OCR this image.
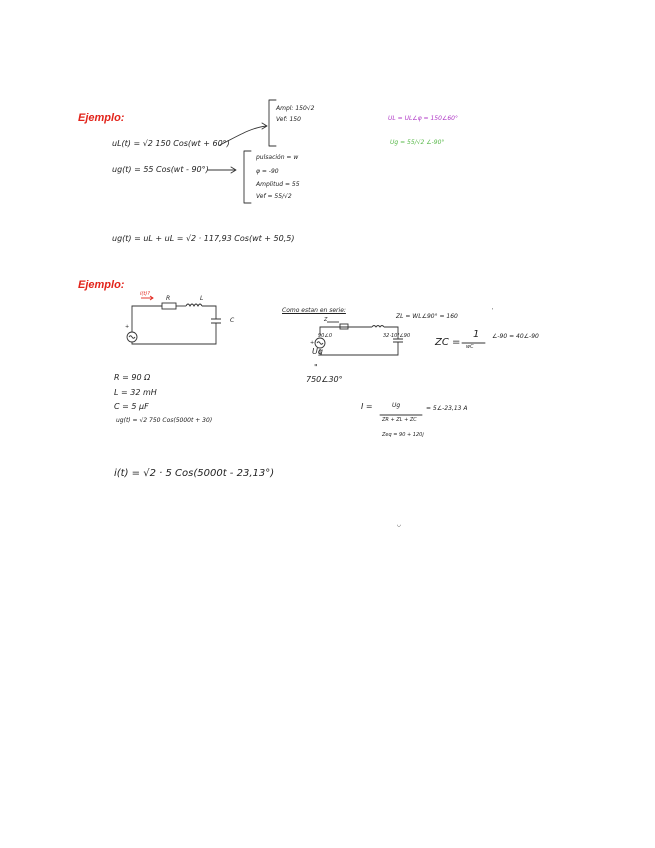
Ejemplo:
uL(t) = √2 150 Cos(wt + 60°)
Ampl: 150√2
Vef: 150
ug(t) = 55 Cos(wt - 90°)
pulsación = w
φ = -90
Amplitud = 55
Vef = 55/√2
UL = UL∠φ = 150∠60°
Ug = 55/√2 ∠-90°
ug(t) = uL + uL = √2 · 117,93 Cos(wt + 50,5)
Ejemplo:
i(t)?
R	L
C
+
R = 90 Ω
L = 32 mH
C = 5 μF
ug(t) = √2 750 Cos(5000t + 30)
Como estan en serie:
Z
90∠0	32·10³∠90
+
Ug
ZL = WL∠90° = 160
ZC =
1
wC
∠-90 = 40∠-90
"
750∠30°
I =	Ug
ZR + ZL + ZC
= 5∠-23,13 A
Zeq = 90 + 120j
i(t) = √2 · 5 Cos(5000t - 23,13°)
'
◡
